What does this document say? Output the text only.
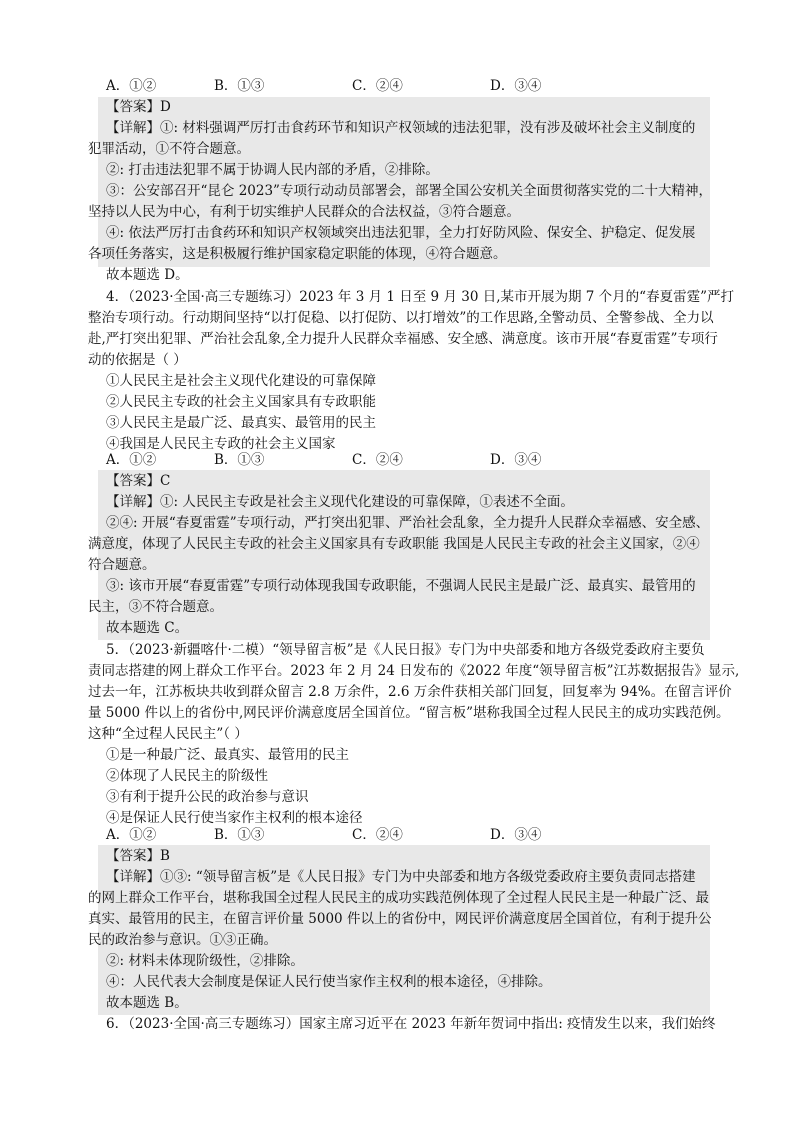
A．①②	B．①③	C．②④	D．③④
【答案】D
【详解】①: 材料强调严厉打击食药环节和知识产权领域的违法犯罪，没有涉及破坏社会主义制度的
犯罪活动，①不符合题意。
②: 打击违法犯罪不属于协调人民内部的矛盾，②排除。
③：公安部召开“昆仑 2023”专项行动动员部署会，部署全国公安机关全面贯彻落实党的二十大精神，
坚持以人民为中心，有利于切实维护人民群众的合法权益，③符合题意。
④: 依法严厉打击食药环和知识产权领域突出违法犯罪，全力打好防风险、保安全、护稳定、促发展
各项任务落实，这是积极履行维护国家稳定职能的体现，④符合题意。
故本题选 D。
4．（2023·全国·高三专题练习）2023 年 3 月 1 日至 9 月 30 日,某市开展为期 7 个月的“春夏雷霆”严打
整治专项行动。行动期间坚持“以打促稳、以打促防、以打增效”的工作思路,全警动员、全警参战、全力以
赴,严打突出犯罪、严治社会乱象,全力提升人民群众幸福感、安全感、满意度。该市开展“春夏雷霆”专项行
动的依据是（ ）
①人民民主是社会主义现代化建设的可靠保障
②人民民主专政的社会主义国家具有专政职能
③人民民主是最广泛、最真实、最管用的民主
④我国是人民民主专政的社会主义国家
A．①②	B．①③	C．②④	D．③④
【答案】C
【详解】①: 人民民主专政是社会主义现代化建设的可靠保障，①表述不全面。
②④: 开展“春夏雷霆”专项行动，严打突出犯罪、严治社会乱象，全力提升人民群众幸福感、安全感、
满意度，体现了人民民主专政的社会主义国家具有专政职能 我国是人民民主专政的社会主义国家，②④
符合题意。
③: 该市开展“春夏雷霆”专项行动体现我国专政职能，不强调人民民主是最广泛、最真实、最管用的
民主，③不符合题意。
故本题选 C。
5．（2023·新疆喀什·二模）“领导留言板”是《人民日报》专门为中央部委和地方各级党委政府主要负
责同志搭建的网上群众工作平台。2023 年 2 月 24 日发布的《2022 年度“领导留言板”江苏数据报告》显示,
过去一年，江苏板块共收到群众留言 2.8 万余件，2.6 万余件获相关部门回复，回复率为 94%。在留言评价
量 5000 件以上的省份中,网民评价满意度居全国首位。“留言板”堪称我国全过程人民民主的成功实践范例。
这种“全过程人民民主”（ ）
①是一种最广泛、最真实、最管用的民主
②体现了人民民主的阶级性
③有利于提升公民的政治参与意识
④是保证人民行使当家作主权利的根本途径
A．①②	B．①③	C．②④	D．③④
【答案】B
【详解】①③: “领导留言板”是《人民日报》专门为中央部委和地方各级党委政府主要负责同志搭建
的网上群众工作平台，堪称我国全过程人民民主的成功实践范例体现了全过程人民民主是一种最广泛、最
真实、最管用的民主，在留言评价量 5000 件以上的省份中，网民评价满意度居全国首位，有利于提升公
民的政治参与意识。①③正确。
②: 材料未体现阶级性，②排除。
④：人民代表大会制度是保证人民行使当家作主权利的根本途径，④排除。
故本题选 B。
6．（2023·全国·高三专题练习）国家主席习近平在 2023 年新年贺词中指出: 疫情发生以来，我们始终
